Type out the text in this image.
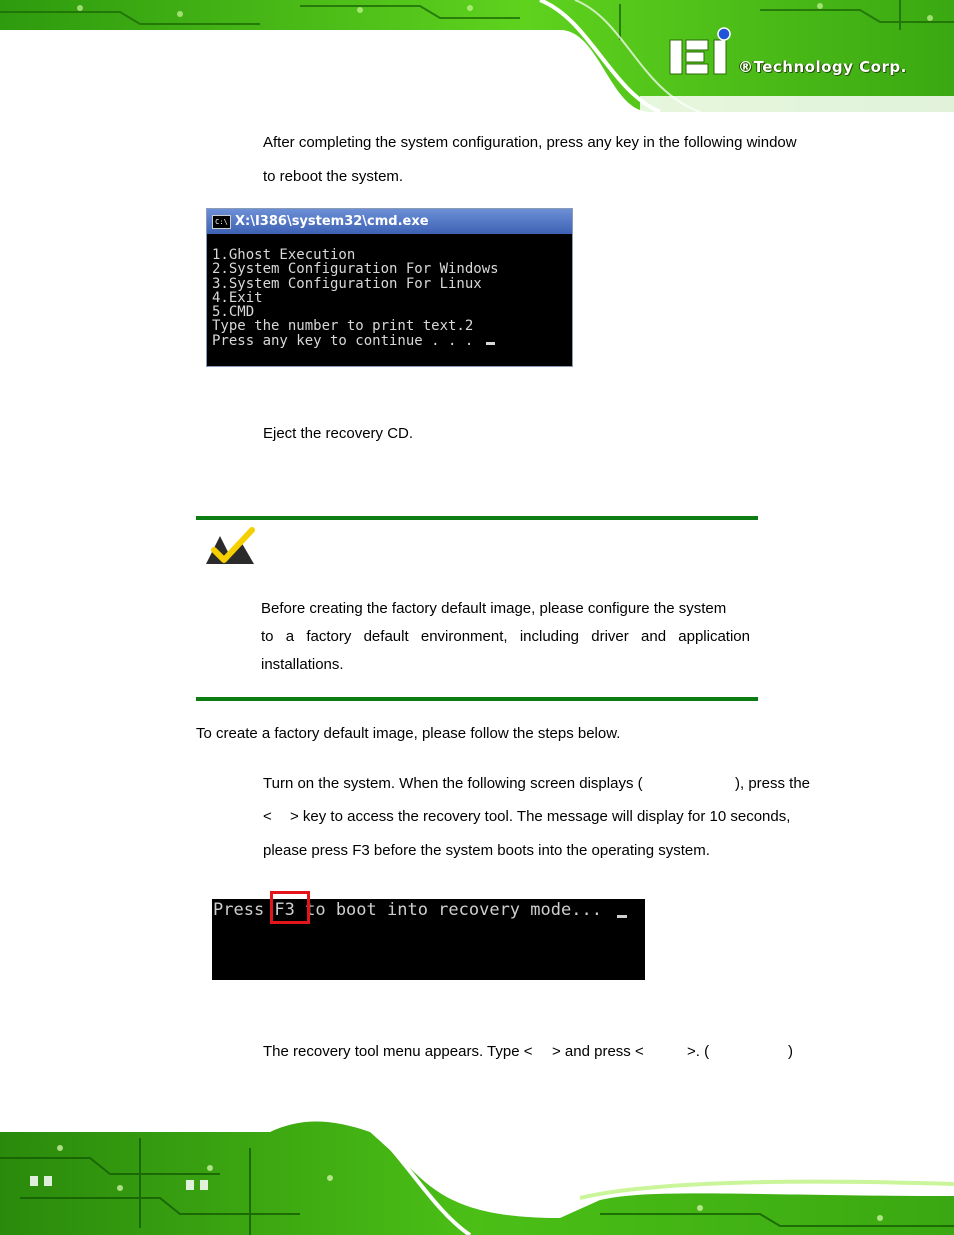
®Technology Corp.
After completing the system configuration, press any key in the following window
to reboot the system.
C:\ X:\I386\system32\cmd.exe
1.Ghost Execution
2.System Configuration For Windows
3.System Configuration For Linux
4.Exit
5.CMD
Type the number to print text.2
Press any key to continue . . .
Eject the recovery CD.
Before creating the factory default image, please configure the system
to a factory default environment, including driver and application
installations.
To create a factory default image, please follow the steps below.
Turn on the system. When the following screen displays (	), press the
< > key to access the recovery tool. The message will display for 10 seconds,
please press F3 before the system boots into the operating system.
Press F3 to boot into recovery mode...
The recovery tool menu appears. Type < > and press <	>. (	)
